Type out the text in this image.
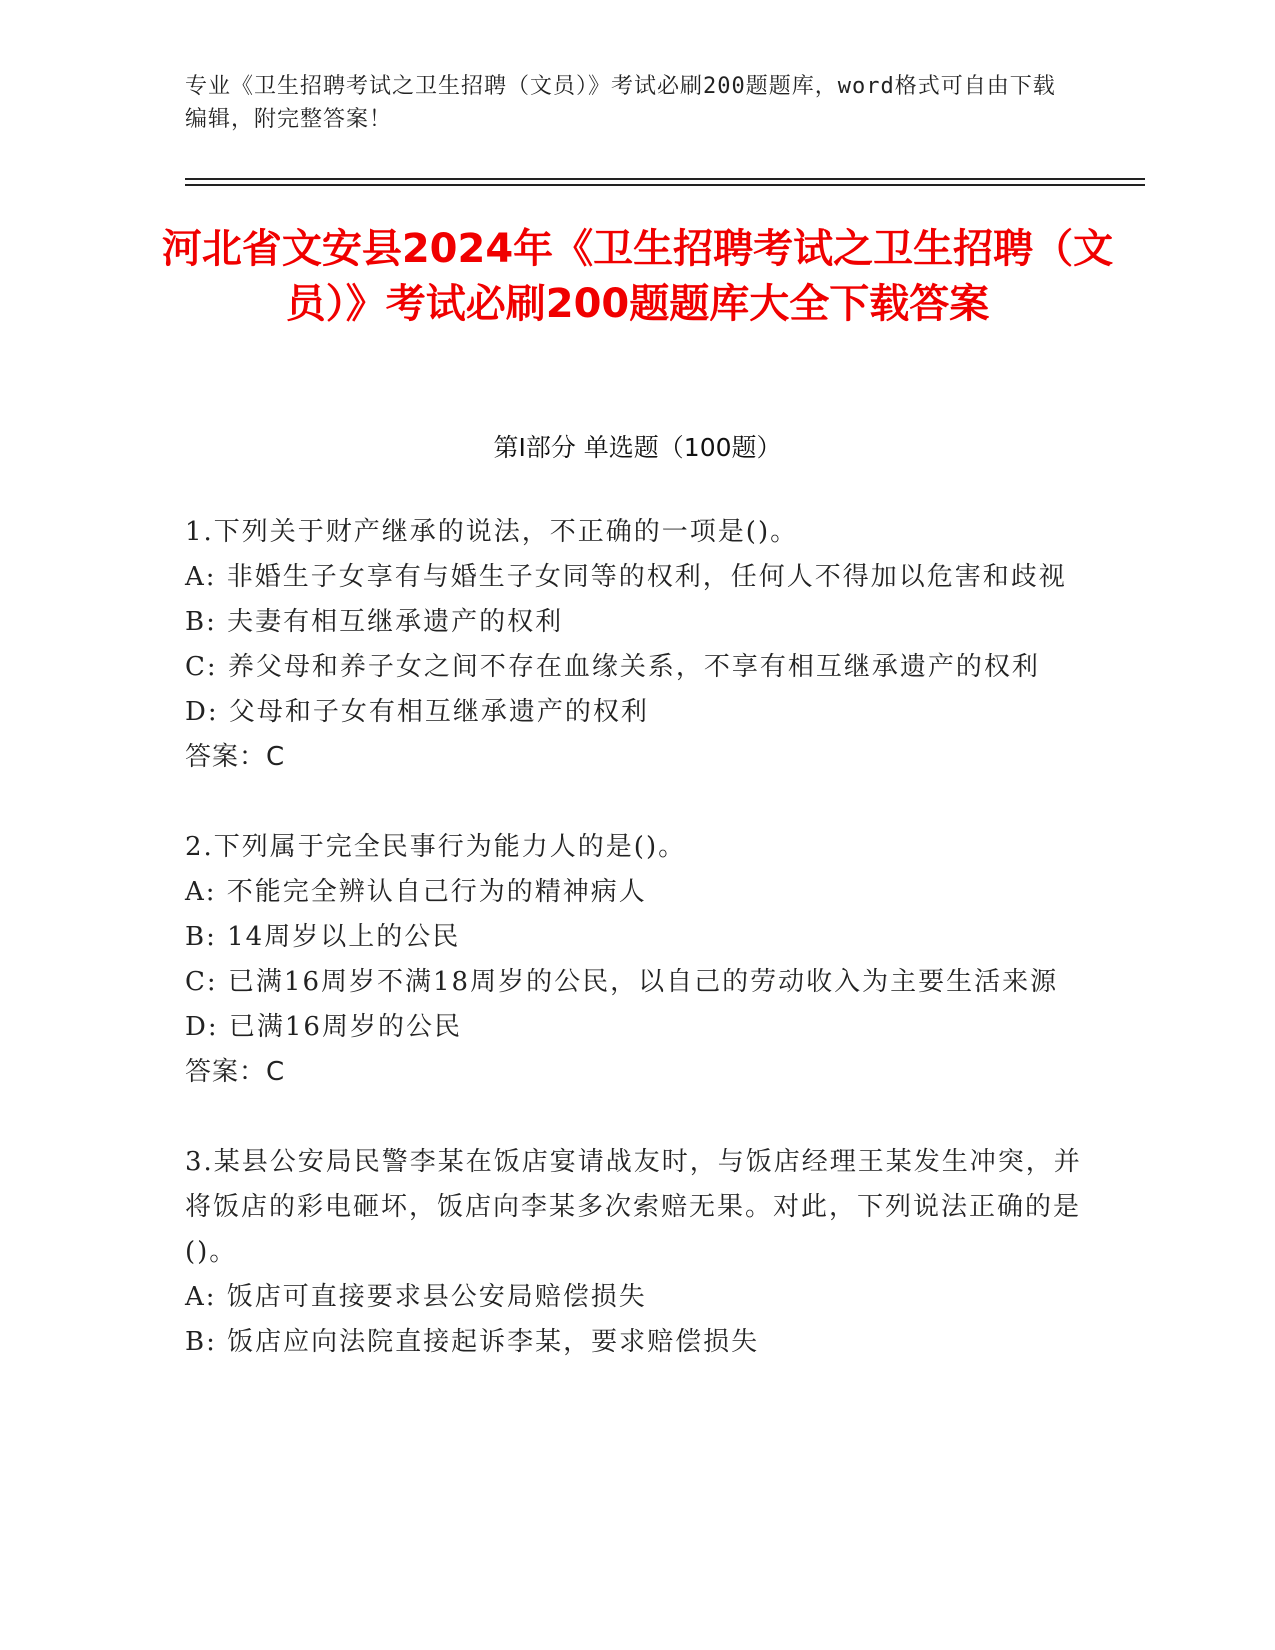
专业《卫生招聘考试之卫生招聘（文员）》考试必刷200题题库，word格式可自由下载编辑，附完整答案！
河北省文安县2024年《卫生招聘考试之卫生招聘（文员）》考试必刷200题题库大全下载答案
第I部分 单选题（100题）

1.下列关于财产继承的说法，不正确的一项是()。

A: 非婚生子女享有与婚生子女同等的权利，任何人不得加以危害和歧视

B: 夫妻有相互继承遗产的权利

C: 养父母和养子女之间不存在血缘关系，不享有相互继承遗产的权利

D: 父母和子女有相互继承遗产的权利

答案：C

2.下列属于完全民事行为能力人的是()。

A: 不能完全辨认自己行为的精神病人

B: 14周岁以上的公民

C: 已满16周岁不满18周岁的公民，以自己的劳动收入为主要生活来源

D: 已满16周岁的公民

答案：C

3.某县公安局民警李某在饭店宴请战友时，与饭店经理王某发生冲突，并将饭店的彩电砸坏，饭店向李某多次索赔无果。对此，下列说法正确的是()。

A: 饭店可直接要求县公安局赔偿损失

B: 饭店应向法院直接起诉李某，要求赔偿损失
